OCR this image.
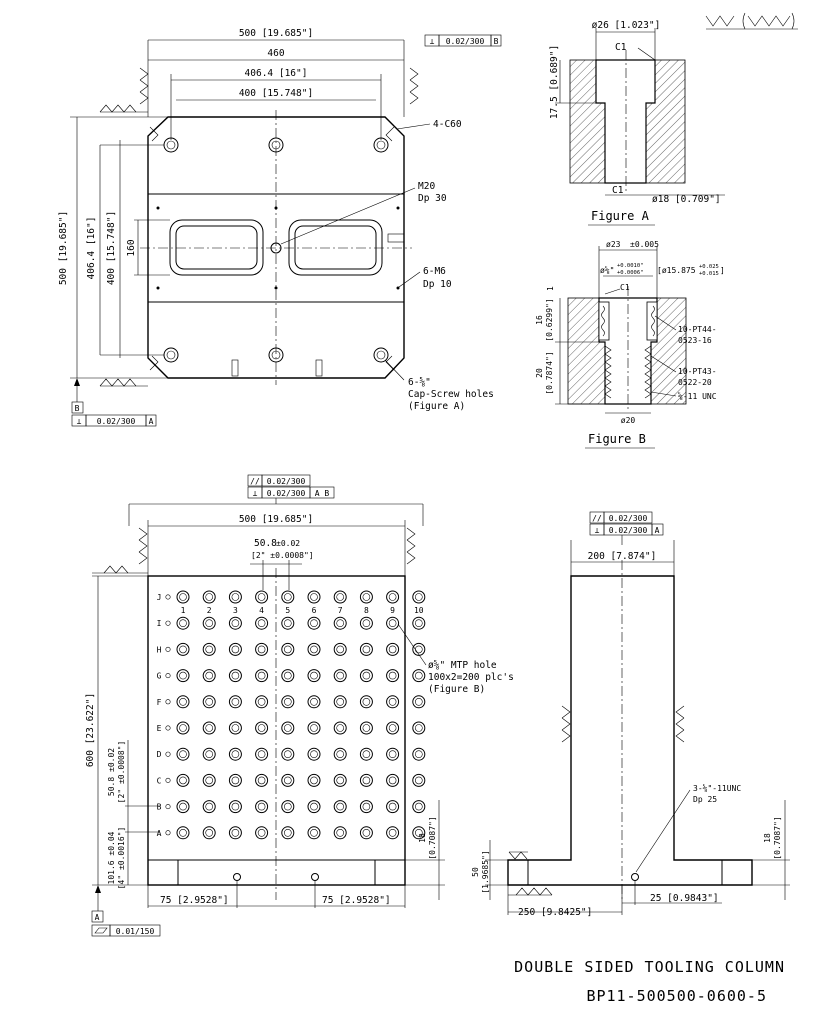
500 [19.685"]
460
406.4 [16"]
400 [15.748"]
⊥ 0.02/300 B
500 [19.685"] 406.4 [16"] 400 [15.748"] 160
B
⊥ 0.02/300 A
4-C60
M20
Dp 30
6-M6
Dp 10
6-⅝"
Cap-Screw holes
(Figure A)
ø26 [1.023"]
C1
17.5 [0.689"]
C1
ø18 [0.709"]
Figure A
ø23 ±0.005
ø⅝" +0.0010"
+0.0006" [ø15.875 +0.025
+0.015 ]
C1
1
16 [0.6299"]
20 [0.7874"]
10-PT44-
0523-16
10-PT43-
0522-20
⅝-11 UNC
ø20
Figure B
J
I
H
G
F
E
D
C
B
A
1	2	3	4	5	6	7	8	9 10
// 0.02/300
⊥ 0.02/300 A B
500 [19.685"]
50.8 ±0.02
[2" ±0.0008"]
600 [23.622"]
50.8 ±0.02 [2" ±0.0008"]
101.6 ±0.04 [4" ±0.0016"]	18 [0.7087"]
ø⅝" MTP hole
100x2=200 plc's
(Figure B)
75 [2.9528"]	75 [2.9528"]
A
0.01/150
// 0.02/300
⊥ 0.02/300 A
200 [7.874"]
3-⅝"-11UNC
Dp 25
18 [0.7087"]
50 [1.9685"]
250 [9.8425"]
25 [0.9843"]
DOUBLE SIDED TOOLING COLUMN
BP11-500500-0600-5
